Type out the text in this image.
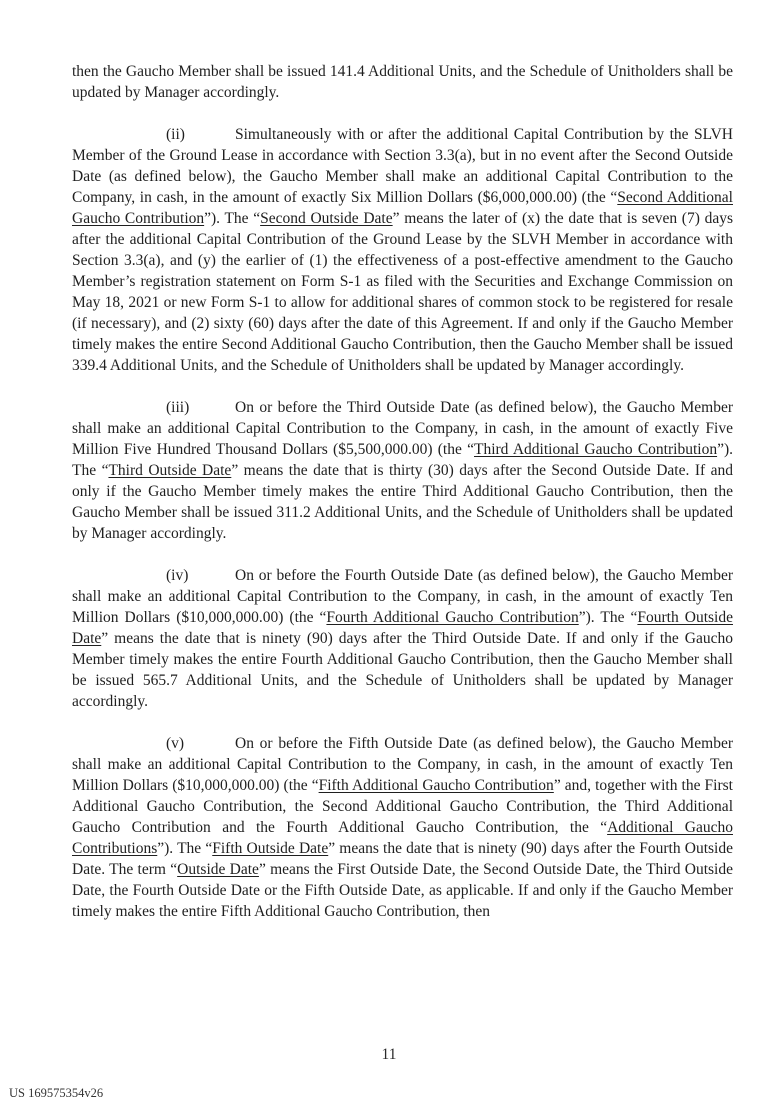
then the Gaucho Member shall be issued 141.4 Additional Units, and the Schedule of Unitholders shall be updated by Manager accordingly.

(ii)	Simultaneously with or after the additional Capital Contribution by the SLVH Member of the Ground Lease in accordance with Section 3.3(a), but in no event after the Second Outside Date (as defined below), the Gaucho Member shall make an additional Capital Contribution to the Company, in cash, in the amount of exactly Six Million Dollars ($6,000,000.00) (the “Second Additional Gaucho Contribution”). The “Second Outside Date” means the later of (x) the date that is seven (7) days after the additional Capital Contribution of the Ground Lease by the SLVH Member in accordance with Section 3.3(a), and (y) the earlier of (1) the effectiveness of a post-effective amendment to the Gaucho Member’s registration statement on Form S-1 as filed with the Securities and Exchange Commission on May 18, 2021 or new Form S-1 to allow for additional shares of common stock to be registered for resale (if necessary), and (2) sixty (60) days after the date of this Agreement. If and only if the Gaucho Member timely makes the entire Second Additional Gaucho Contribution, then the Gaucho Member shall be issued 339.4 Additional Units, and the Schedule of Unitholders shall be updated by Manager accordingly.

(iii)	On or before the Third Outside Date (as defined below), the Gaucho Member shall make an additional Capital Contribution to the Company, in cash, in the amount of exactly Five Million Five Hundred Thousand Dollars ($5,500,000.00) (the “Third Additional Gaucho Contribution”). The “Third Outside Date” means the date that is thirty (30) days after the Second Outside Date. If and only if the Gaucho Member timely makes the entire Third Additional Gaucho Contribution, then the Gaucho Member shall be issued 311.2 Additional Units, and the Schedule of Unitholders shall be updated by Manager accordingly.

(iv)	On or before the Fourth Outside Date (as defined below), the Gaucho Member shall make an additional Capital Contribution to the Company, in cash, in the amount of exactly Ten Million Dollars ($10,000,000.00) (the “Fourth Additional Gaucho Contribution”). The “Fourth Outside Date” means the date that is ninety (90) days after the Third Outside Date. If and only if the Gaucho Member timely makes the entire Fourth Additional Gaucho Contribution, then the Gaucho Member shall be issued 565.7 Additional Units, and the Schedule of Unitholders shall be updated by Manager accordingly.

(v)	On or before the Fifth Outside Date (as defined below), the Gaucho Member shall make an additional Capital Contribution to the Company, in cash, in the amount of exactly Ten Million Dollars ($10,000,000.00) (the “Fifth Additional Gaucho Contribution” and, together with the First Additional Gaucho Contribution, the Second Additional Gaucho Contribution, the Third Additional Gaucho Contribution and the Fourth Additional Gaucho Contribution, the “Additional Gaucho Contributions”). The “Fifth Outside Date” means the date that is ninety (90) days after the Fourth Outside Date. The term “Outside Date” means the First Outside Date, the Second Outside Date, the Third Outside Date, the Fourth Outside Date or the Fifth Outside Date, as applicable. If and only if the Gaucho Member timely makes the entire Fifth Additional Gaucho Contribution, then

11
US 169575354v26
